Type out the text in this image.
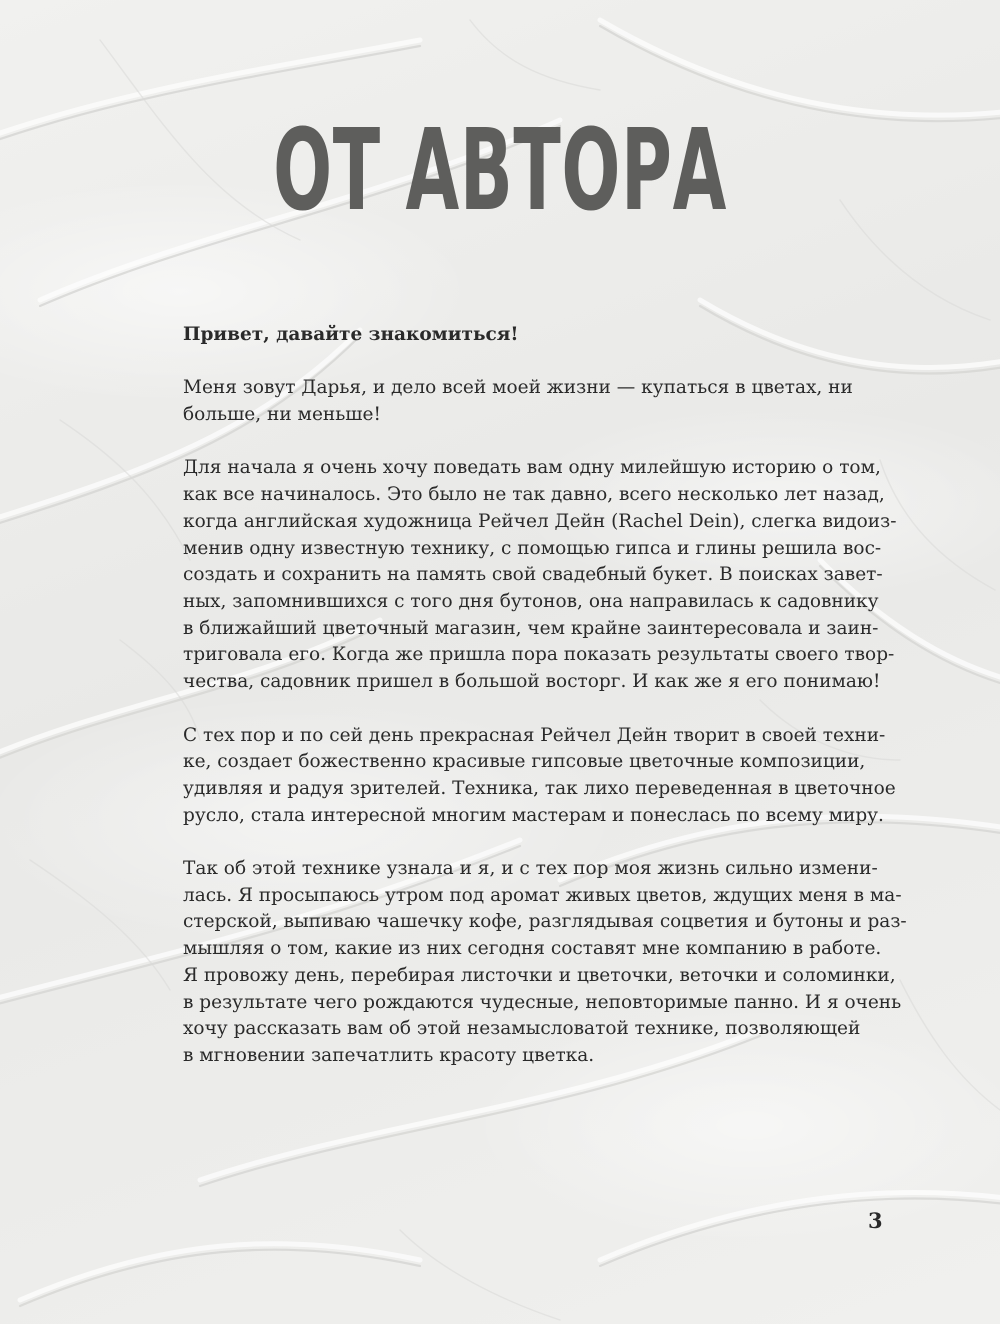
ОТ АВТОРА
Привет, давайте знакомиться!
Меня зовут Дарья, и дело всей моей жизни — купаться в цветах, ни
больше, ни меньше!
Для начала я очень хочу поведать вам одну милейшую историю о том,
как все начиналось. Это было не так давно, всего несколько лет назад,
когда английская художница Рейчел Дейн (Rachel Dein), слегка видоиз-
менив одну известную технику, с помощью гипса и глины решила вос-
создать и сохранить на память свой свадебный букет. В поисках завет-
ных, запомнившихся с того дня бутонов, она направилась к садовнику
в ближайший цветочный магазин, чем крайне заинтересовала и заин-
триговала его. Когда же пришла пора показать результаты своего твор-
чества, садовник пришел в большой восторг. И как же я его понимаю!
С тех пор и по сей день прекрасная Рейчел Дейн творит в своей техни-
ке, создает божественно красивые гипсовые цветочные композиции,
удивляя и радуя зрителей. Техника, так лихо переведенная в цветочное
русло, стала интересной многим мастерам и понеслась по всему миру.
Так об этой технике узнала и я, и с тех пор моя жизнь сильно измени-
лась. Я просыпаюсь утром под аромат живых цветов, ждущих меня в ма-
стерской, выпиваю чашечку кофе, разглядывая соцветия и бутоны и раз-
мышляя о том, какие из них сегодня составят мне компанию в работе.
Я провожу день, перебирая листочки и цветочки, веточки и соломинки,
в результате чего рождаются чудесные, неповторимые панно. И я очень
хочу рассказать вам об этой незамысловатой технике, позволяющей
в мгновении запечатлить красоту цветка.
3
